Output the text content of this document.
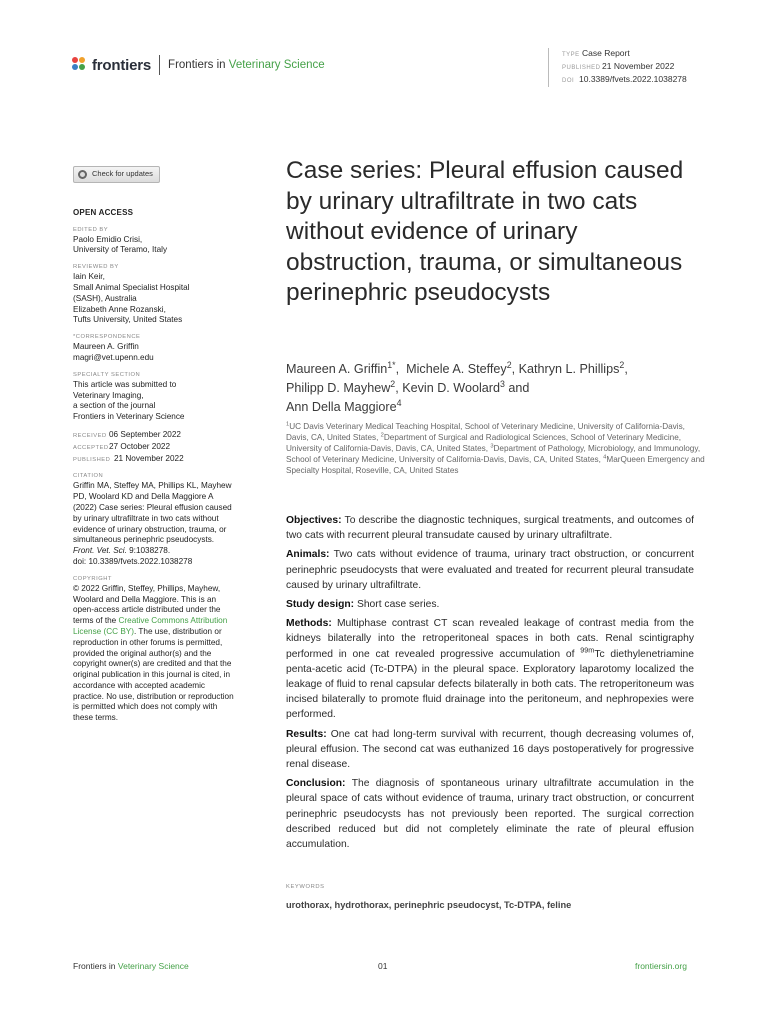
frontiers Frontiers in Veterinary Science
TYPE Case Report
PUBLISHED21 November 2022
DOI 10.3389/fvets.2022.1038278
Check for updates
OPEN ACCESS
EDITED BY
Paolo Emidio Crisi,
University of Teramo, Italy
REVIEWED BY
Iain Keir,
Small Animal Specialist Hospital
(SASH), Australia
Elizabeth Anne Rozanski,
Tufts University, United States
*CORRESPONDENCE
Maureen A. Griffin
magri@vet.upenn.edu
SPECIALTY SECTION
This article was submitted to
Veterinary Imaging,
a section of the journal
Frontiers in Veterinary Science
RECEIVED 06 September 2022
ACCEPTED27 October 2022
PUBLISHED 21 November 2022
CITATION
Griffin MA, Steffey MA, Phillips KL, Mayhew PD, Woolard KD and Della Maggiore A (2022) Case series: Pleural effusion caused by urinary ultrafiltrate in two cats without evidence of urinary obstruction, trauma, or simultaneous perinephric pseudocysts.
Front. Vet. Sci. 9:1038278.
doi: 10.3389/fvets.2022.1038278
COPYRIGHT
© 2022 Griffin, Steffey, Phillips, Mayhew, Woolard and Della Maggiore. This is an open-access article distributed under the terms of the Creative Commons Attribution License (CC BY). The use, distribution or reproduction in other forums is permitted, provided the original author(s) and the copyright owner(s) are credited and that the original publication in this journal is cited, in accordance with accepted academic practice. No use, distribution or reproduction is permitted which does not comply with these terms.
Case series: Pleural effusion caused by urinary ultrafiltrate in two cats without evidence of urinary obstruction, trauma, or simultaneous perinephric pseudocysts
Maureen A. Griffin$^{1*}$,  Michele A. Steffey$^2$, Kathryn L. Phillips$^2$,
Philipp D. Mayhew$^2$, Kevin D. Woolard$^3$ and
Ann Della Maggiore$^4$
$^1$UC Davis Veterinary Medical Teaching Hospital, School of Veterinary Medicine, University of California-Davis, Davis, CA, United States, $^2$Department of Surgical and Radiological Sciences, School of Veterinary Medicine, University of California-Davis, Davis, CA, United States, $^3$Department of Pathology, Microbiology, and Immunology, School of Veterinary Medicine, University of California-Davis, Davis, CA, United States, $^4$MarQueen Emergency and Specialty Hospital, Roseville, CA, United States

Objectives: To describe the diagnostic techniques, surgical treatments, and outcomes of two cats with recurrent pleural transudate caused by urinary ultrafiltrate.

Animals: Two cats without evidence of trauma, urinary tract obstruction, or concurrent perinephric pseudocysts that were evaluated and treated for recurrent pleural transudate caused by urinary ultrafiltrate.

Study design: Short case series.

Methods: Multiphase contrast CT scan revealed leakage of contrast media from the kidneys bilaterally into the retroperitoneal spaces in both cats. Renal scintigraphy performed in one cat revealed progressive accumulation of $^{99m}$Tc diethylenetriamine penta-acetic acid (Tc-DTPA) in the pleural space. Exploratory laparotomy localized the leakage of fluid to renal capsular defects bilaterally in both cats. The retroperitoneum was incised bilaterally to promote fluid drainage into the peritoneum, and nephropexies were performed.

Results: One cat had long-term survival with recurrent, though decreasing volumes of, pleural effusion. The second cat was euthanized 16 days postoperatively for progressive renal disease.

Conclusion: The diagnosis of spontaneous urinary ultrafiltrate accumulation in the pleural space of cats without evidence of trauma, urinary tract obstruction, or concurrent perinephric pseudocysts has not previously been reported. The surgical correction described reduced but did not completely eliminate the rate of pleural effusion accumulation.

KEYWORDS
urothorax, hydrothorax, perinephric pseudocyst, Tc-DTPA, feline
Frontiers in Veterinary Science	01	frontiersin.org
